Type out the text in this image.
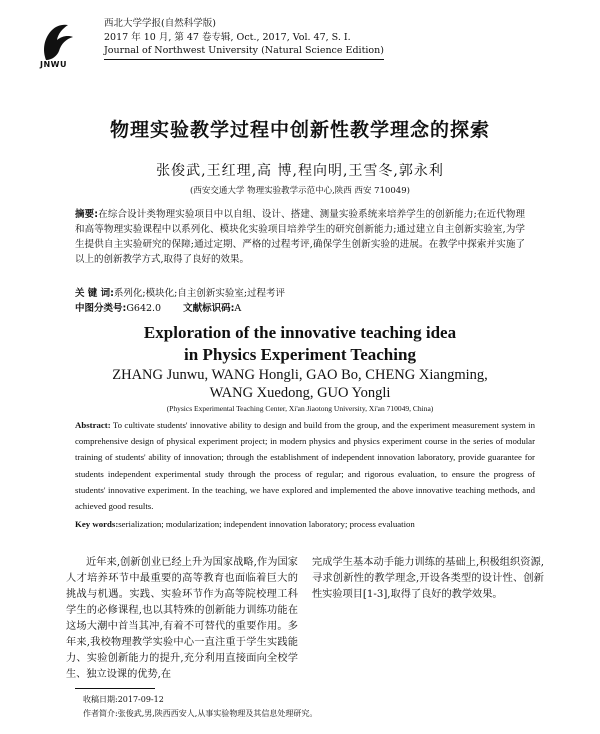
JNWU
西北大学学报(自然科学版)
2017 年 10 月, 第 47 卷专辑, Oct., 2017, Vol. 47, S. I.
Journal of Northwest University (Natural Science Edition)
物理实验教学过程中创新性教学理念的探索
张俊武,王红理,高 博,程向明,王雪冬,郭永利
(西安交通大学 物理实验教学示范中心,陕西 西安 710049)
摘要:在综合设计类物理实验项目中以自组、设计、搭建、测量实验系统来培养学生的创新能力;在近代物理和高等物理实验课程中以系列化、模块化实验项目培养学生的研究创新能力;通过建立自主创新实验室,为学生提供自主实验研究的保障;通过定期、严格的过程考评,确保学生创新实验的进展。在教学中探索并实施了以上的创新教学方式,取得了良好的效果。
关 键 词:系列化;模块化;自主创新实验室;过程考评
中图分类号:G642.0 文献标识码:A
Exploration of the innovative teaching idea
in Physics Experiment Teaching
ZHANG Junwu, WANG Hongli, GAO Bo, CHENG Xiangming,
WANG Xuedong, GUO Yongli
(Physics Experimental Teaching Center, Xi'an Jiaotong University, Xi'an 710049, China)
Abstract: To cultivate students' innovative ability to design and build from the group, and the experiment measurement system in comprehensive design of physical experiment project; in modern physics and physics experiment course in the series of modular training of students' ability of innovation; through the establishment of independent innovation laboratory, provide guarantee for students independent experimental study through the process of regular; and rigorous evaluation, to ensure the progress of students' innovative experiment. In the teaching, we have explored and implemented the above innovative teaching methods, and achieved good results.
Key words:serialization; modularization; independent innovation laboratory; process evaluation
近年来,创新创业已经上升为国家战略,作为国家人才培养环节中最重要的高等教育也面临着巨大的挑战与机遇。实践、实验环节作为高等院校理工科学生的必修课程,也以其特殊的创新能力训练功能在这场大潮中首当其冲,有着不可替代的重要作用。多年来,我校物理教学实验中心一直注重于学生实践能力、实验创新能力的提升,充分利用直接面向全校学生、独立设课的优势,在
完成学生基本动手能力训练的基础上,积极组织资源,寻求创新性的教学理念,开设各类型的设计性、创新性实验项目[1-3],取得了良好的教学效果。
收稿日期:2017-09-12
作者简介:张俊武,男,陕西西安人,从事实验物理及其信息处理研究。
